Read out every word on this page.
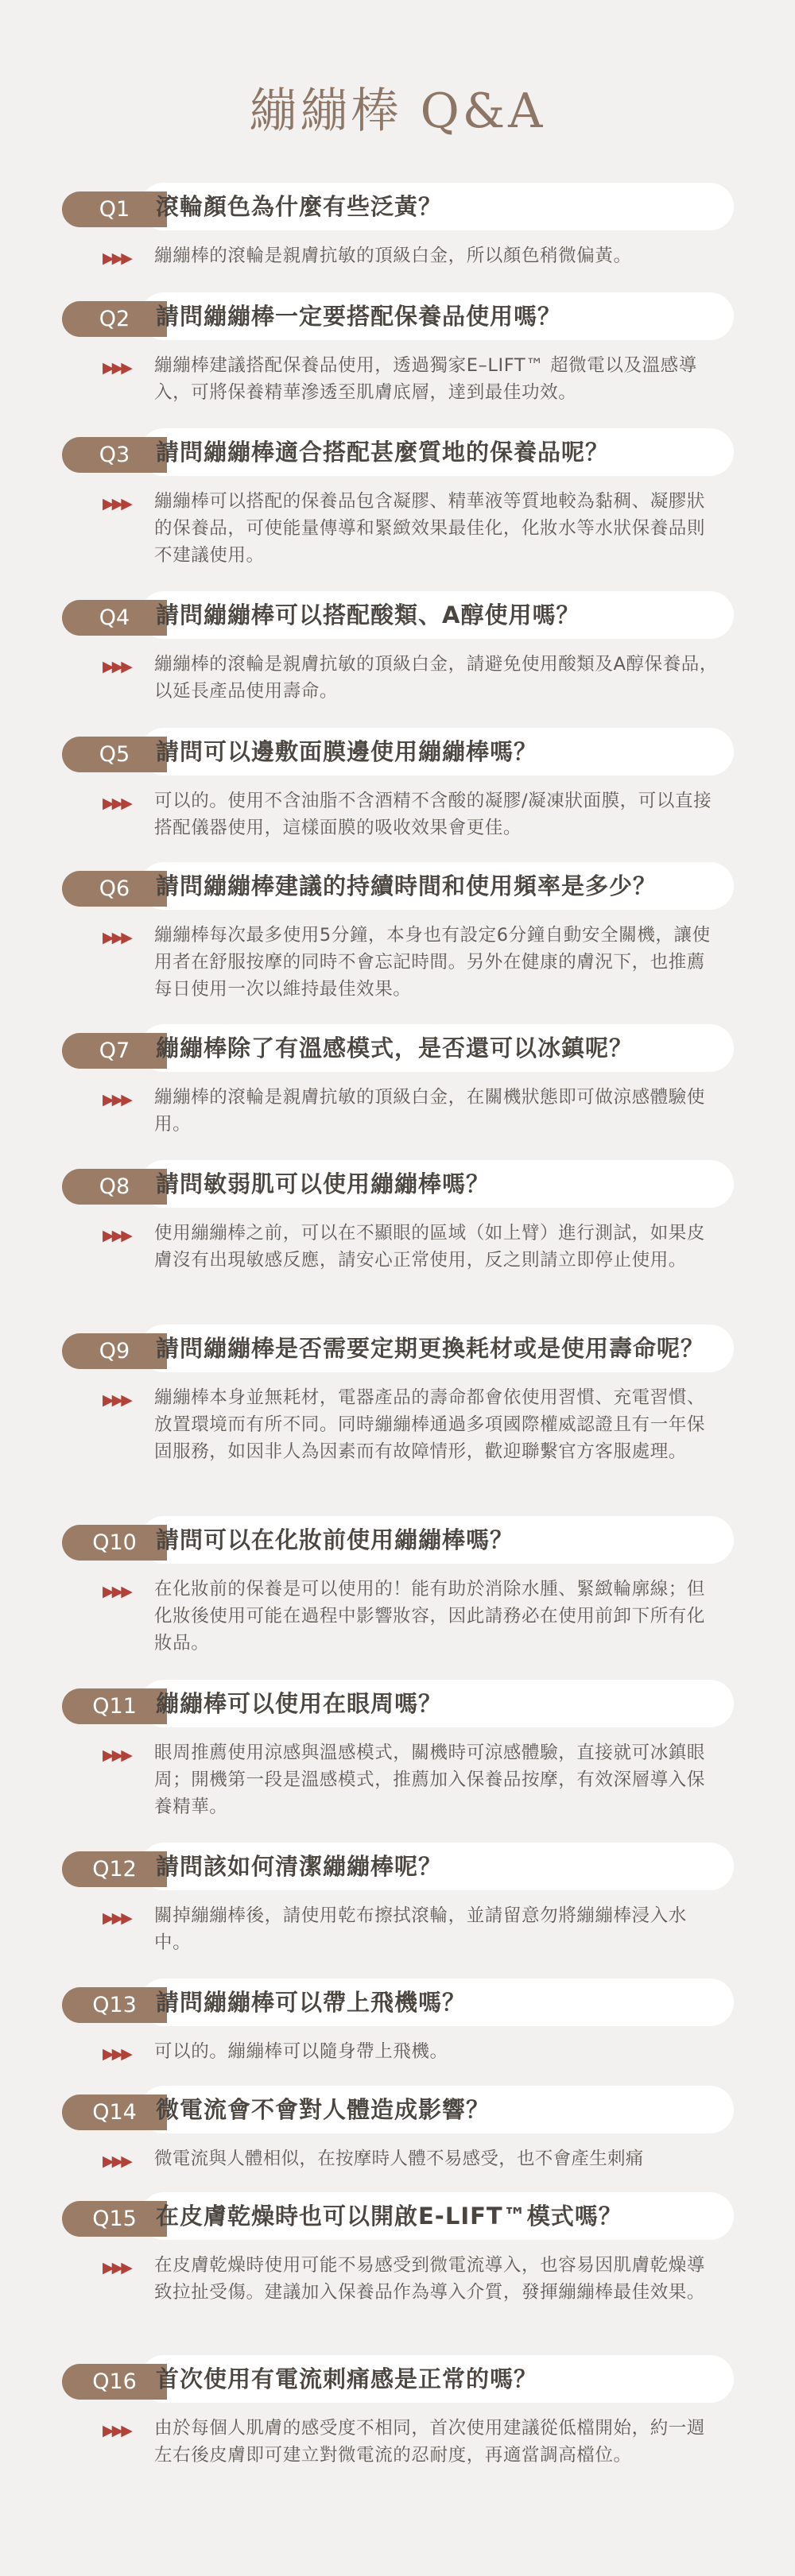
繃繃棒 Q&A
Q1	滾輪顏色為什麼有些泛黃？
▶▶▶ 繃繃棒的滾輪是親膚抗敏的頂級白金，所以顏色稍微偏黃。
Q2	請問繃繃棒一定要搭配保養品使用嗎？
▶▶▶ 繃繃棒建議搭配保養品使用，透過獨家E–LIFT™ 超微電以及溫感導入，可將保養精華滲透至肌膚底層，達到最佳功效。
Q3	請問繃繃棒適合搭配甚麼質地的保養品呢？
▶▶▶ 繃繃棒可以搭配的保養品包含凝膠、精華液等質地較為黏稠、凝膠狀的保養品，可使能量傳導和緊緻效果最佳化，化妝水等水狀保養品則不建議使用。
Q4	請問繃繃棒可以搭配酸類、A醇使用嗎？
▶▶▶ 繃繃棒的滾輪是親膚抗敏的頂級白金，請避免使用酸類及A醇保養品，以延長產品使用壽命。
Q5	請問可以邊敷面膜邊使用繃繃棒嗎？
▶▶▶ 可以的。使用不含油脂不含酒精不含酸的凝膠/凝凍狀面膜，可以直接搭配儀器使用，這樣面膜的吸收效果會更佳。
Q6	請問繃繃棒建議的持續時間和使用頻率是多少？
▶▶▶ 繃繃棒每次最多使用5分鐘，本身也有設定6分鐘自動安全關機，讓使用者在舒服按摩的同時不會忘記時間。另外在健康的膚況下，也推薦每日使用一次以維持最佳效果。
Q7	繃繃棒除了有溫感模式，是否還可以冰鎮呢？
▶▶▶ 繃繃棒的滾輪是親膚抗敏的頂級白金，在關機狀態即可做涼感體驗使用。
Q8	請問敏弱肌可以使用繃繃棒嗎？
▶▶▶ 使用繃繃棒之前，可以在不顯眼的區域（如上臂）進行測試，如果皮膚沒有出現敏感反應，請安心正常使用，反之則請立即停止使用。
Q9	請問繃繃棒是否需要定期更換耗材或是使用壽命呢？
▶▶▶ 繃繃棒本身並無耗材，電器產品的壽命都會依使用習慣、充電習慣、放置環境而有所不同。同時繃繃棒通過多項國際權威認證且有一年保固服務，如因非人為因素而有故障情形，歡迎聯繫官方客服處理。
Q10 請問可以在化妝前使用繃繃棒嗎？
▶▶▶ 在化妝前的保養是可以使用的！能有助於消除水腫、緊緻輪廓線；但化妝後使用可能在過程中影響妝容，因此請務必在使用前卸下所有化妝品。
Q11 繃繃棒可以使用在眼周嗎？
▶▶▶ 眼周推薦使用涼感與溫感模式，關機時可涼感體驗，直接就可冰鎮眼周；開機第一段是溫感模式，推薦加入保養品按摩，有效深層導入保養精華。
Q12 請問該如何清潔繃繃棒呢？
▶▶▶ 關掉繃繃棒後，請使用乾布擦拭滾輪，並請留意勿將繃繃棒浸入水中。
Q13 請問繃繃棒可以帶上飛機嗎？
▶▶▶ 可以的。繃繃棒可以隨身帶上飛機。
Q14 微電流會不會對人體造成影響？
▶▶▶ 微電流與人體相似，在按摩時人體不易感受，也不會產生刺痛
Q15 在皮膚乾燥時也可以開啟E-LIFT™模式嗎？
▶▶▶ 在皮膚乾燥時使用可能不易感受到微電流導入，也容易因肌膚乾燥導致拉扯受傷。建議加入保養品作為導入介質，發揮繃繃棒最佳效果。
Q16 首次使用有電流刺痛感是正常的嗎？
▶▶▶ 由於每個人肌膚的感受度不相同，首次使用建議從低檔開始，約一週左右後皮膚即可建立對微電流的忍耐度，再適當調高檔位。
